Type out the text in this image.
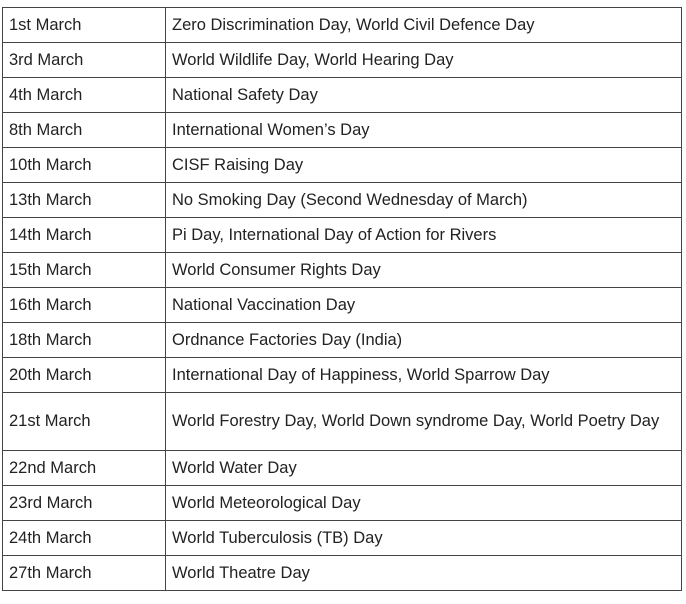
1st March	Zero Discrimination Day, World Civil Defence Day
3rd March	World Wildlife Day, World Hearing Day
4th March	National Safety Day
8th March	International Women’s Day
10th March	CISF Raising Day
13th March	No Smoking Day (Second Wednesday of March)
14th March	Pi Day, International Day of Action for Rivers
15th March	World Consumer Rights Day
16th March	National Vaccination Day
18th March	Ordnance Factories Day (India)
20th March	International Day of Happiness, World Sparrow Day
21st March	World Forestry Day, World Down syndrome Day, World Poetry Day
22nd March	World Water Day
23rd March	World Meteorological Day
24th March	World Tuberculosis (TB) Day
27th March	World Theatre Day
